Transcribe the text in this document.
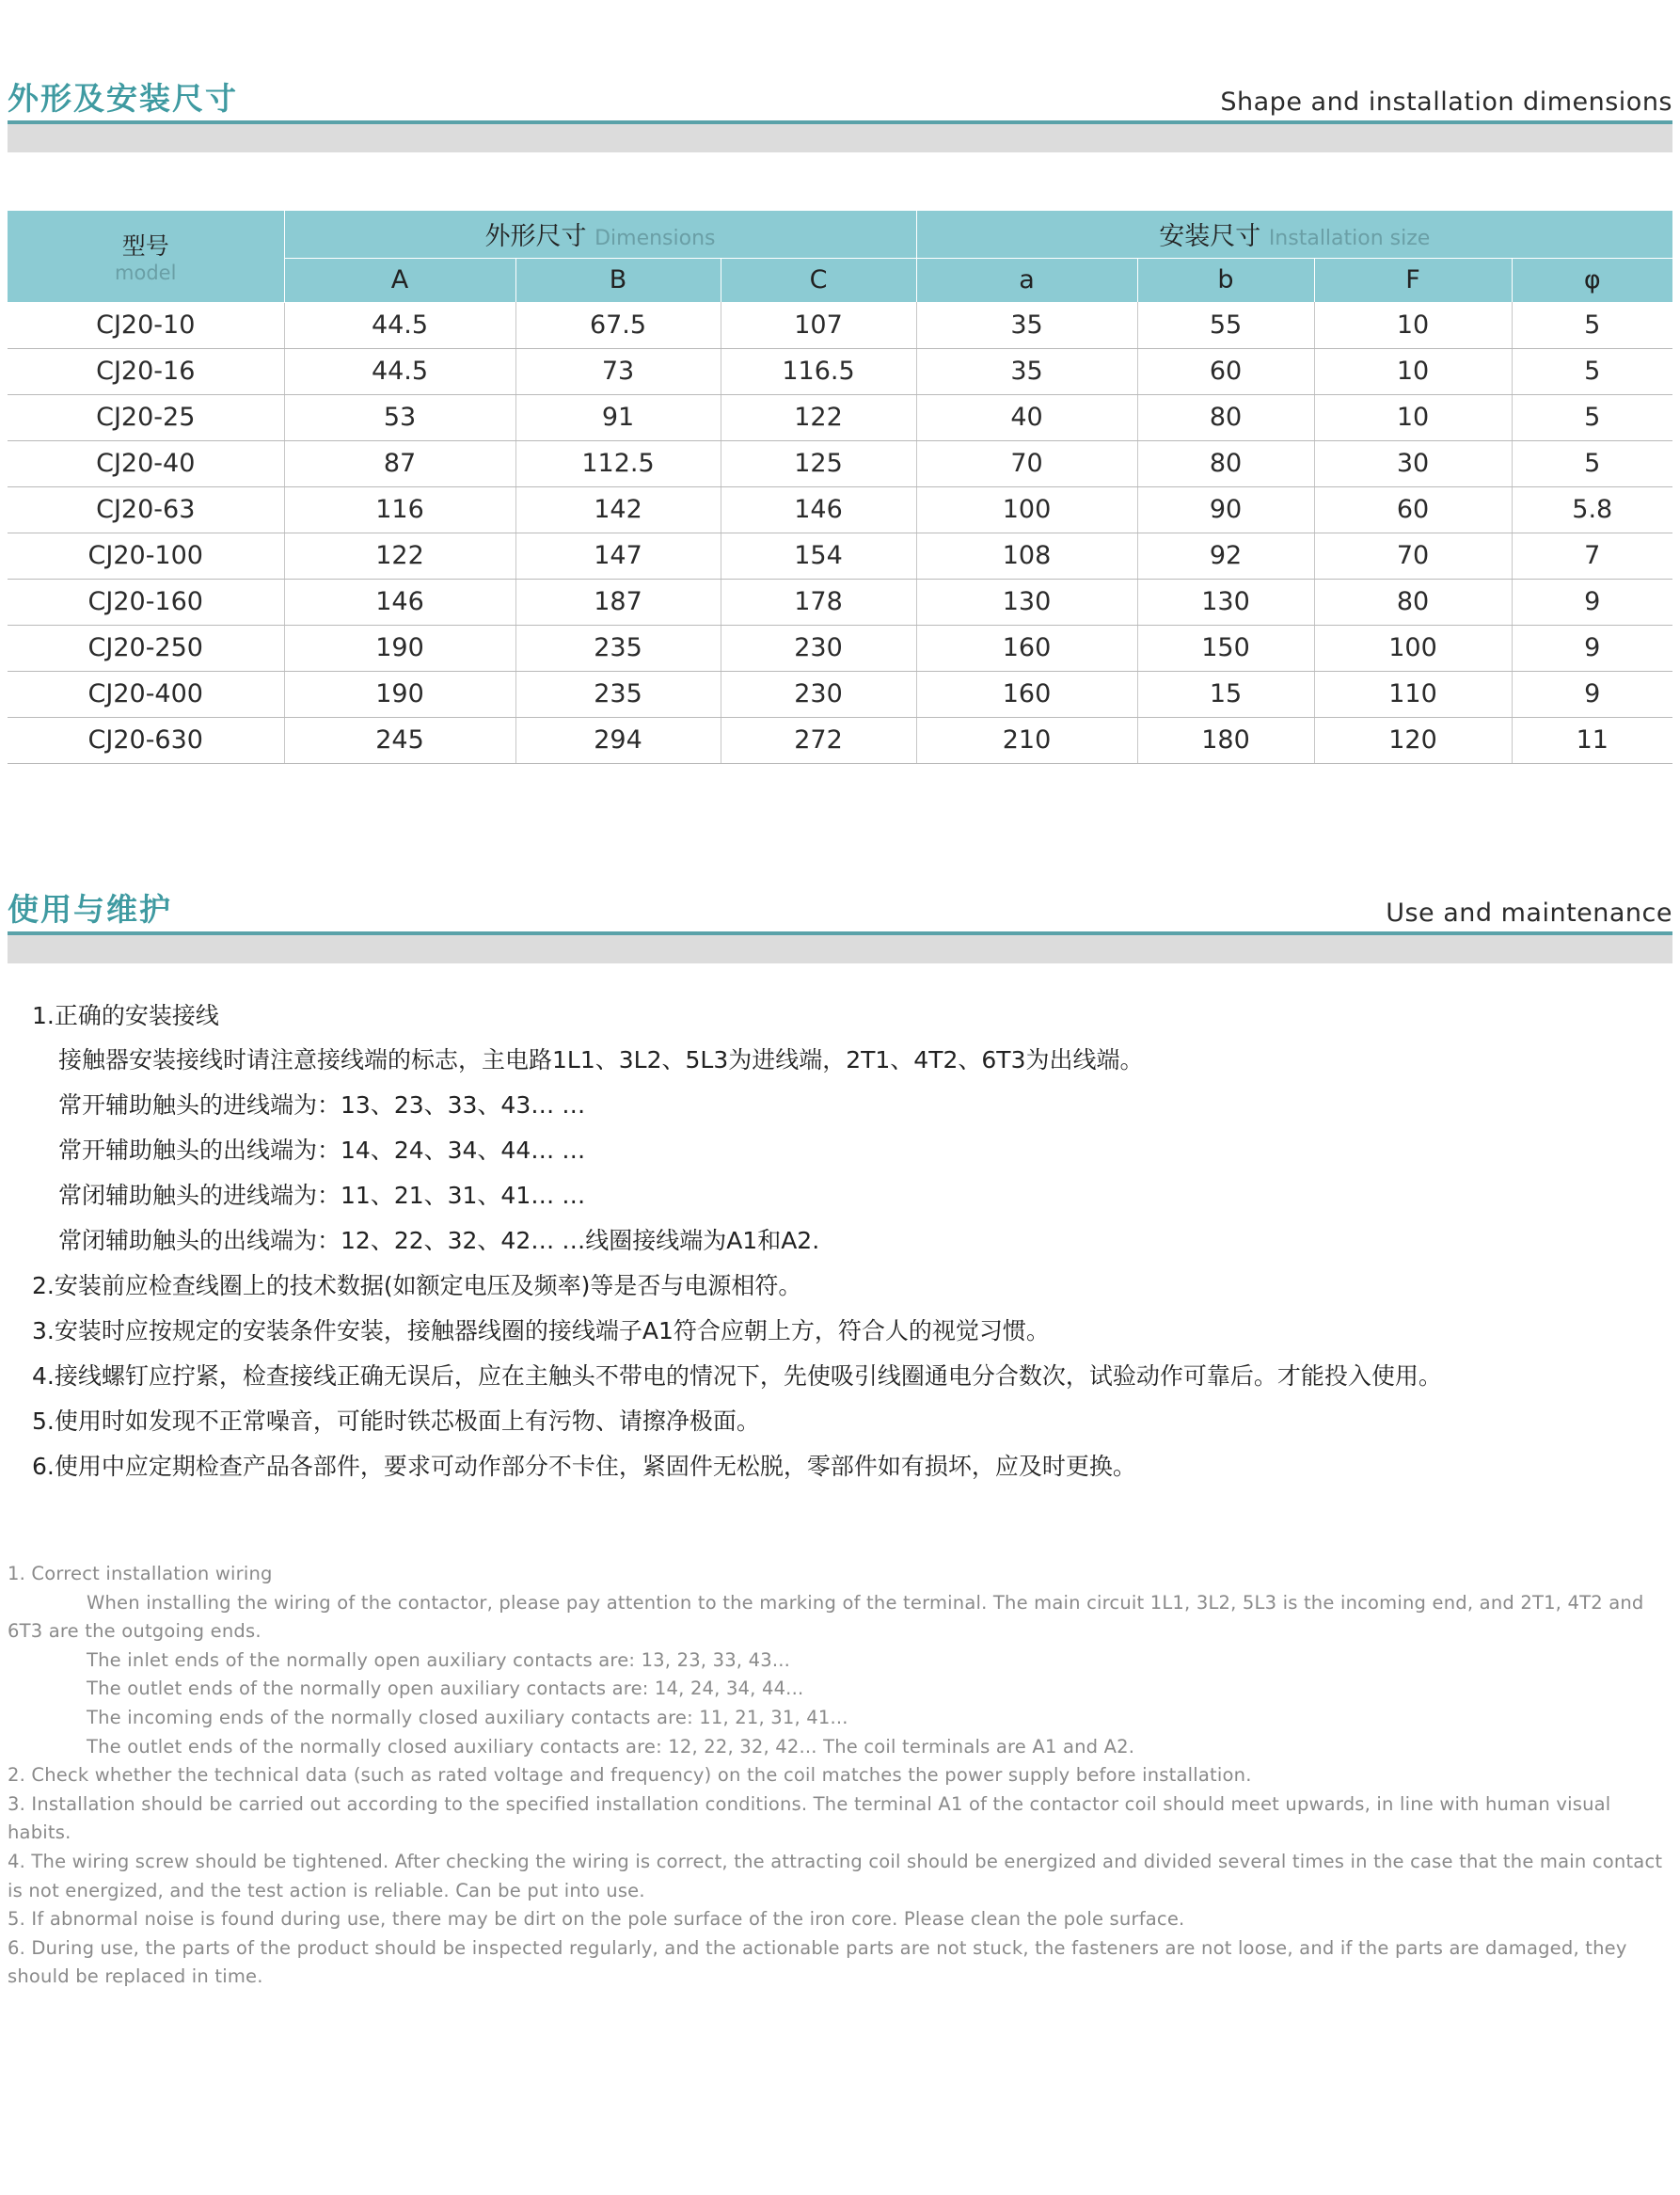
外形及安装尺寸	Shape and installation dimensions
型号
model	外形尺寸 Dimensions			安装尺寸 Installation size			
	A	B	C	a	b	F	φ
CJ20-10	44.5	67.5	107	35	55	10	5
CJ20-16	44.5	73	116.5	35	60	10	5
CJ20-25	53	91	122	40	80	10	5
CJ20-40	87	112.5	125	70	80	30	5
CJ20-63	116	142	146	100	90	60	5.8
CJ20-100	122	147	154	108	92	70	7
CJ20-160	146	187	178	130	130	80	9
CJ20-250	190	235	230	160	150	100	9
CJ20-400	190	235	230	160	15	110	9
CJ20-630	245	294	272	210	180	120	11
使用与维护	Use and maintenance
1.正确的安装接线
接触器安装接线时请注意接线端的标志，主电路1L1、3L2、5L3为进线端，2T1、4T2、6T3为出线端。
常开辅助触头的进线端为：13、23、33、43… …
常开辅助触头的出线端为：14、24、34、44… …
常闭辅助触头的进线端为：11、21、31、41… …
常闭辅助触头的出线端为：12、22、32、42… …线圈接线端为A1和A2.
2.安装前应检查线圈上的技术数据(如额定电压及频率)等是否与电源相符。
3.安装时应按规定的安装条件安装，接触器线圈的接线端子A1符合应朝上方，符合人的视觉习惯。
4.接线螺钉应拧紧，检查接线正确无误后，应在主触头不带电的情况下，先使吸引线圈通电分合数次，试验动作可靠后。才能投入使用。
5.使用时如发现不正常噪音，可能时铁芯极面上有污物、请擦净极面。
6.使用中应定期检查产品各部件，要求可动作部分不卡住，紧固件无松脱，零部件如有损坏，应及时更换。

1. Correct installation wiring

When installing the wiring of the contactor, please pay attention to the marking of the terminal. The main circuit 1L1, 3L2, 5L3 is the incoming end, and 2T1, 4T2 and 6T3 are the outgoing ends.

The inlet ends of the normally open auxiliary contacts are: 13, 23, 33, 43...

The outlet ends of the normally open auxiliary contacts are: 14, 24, 34, 44...

The incoming ends of the normally closed auxiliary contacts are: 11, 21, 31, 41...

The outlet ends of the normally closed auxiliary contacts are: 12, 22, 32, 42... The coil terminals are A1 and A2.

2. Check whether the technical data (such as rated voltage and frequency) on the coil matches the power supply before installation.

3. Installation should be carried out according to the specified installation conditions. The terminal A1 of the contactor coil should meet upwards, in line with human visual habits.

4. The wiring screw should be tightened. After checking the wiring is correct, the attracting coil should be energized and divided several times in the case that the main contact is not energized, and the test action is reliable. Can be put into use.

5. If abnormal noise is found during use, there may be dirt on the pole surface of the iron core. Please clean the pole surface.

6. During use, the parts of the product should be inspected regularly, and the actionable parts are not stuck, the fasteners are not loose, and if the parts are damaged, they should be replaced in time.
